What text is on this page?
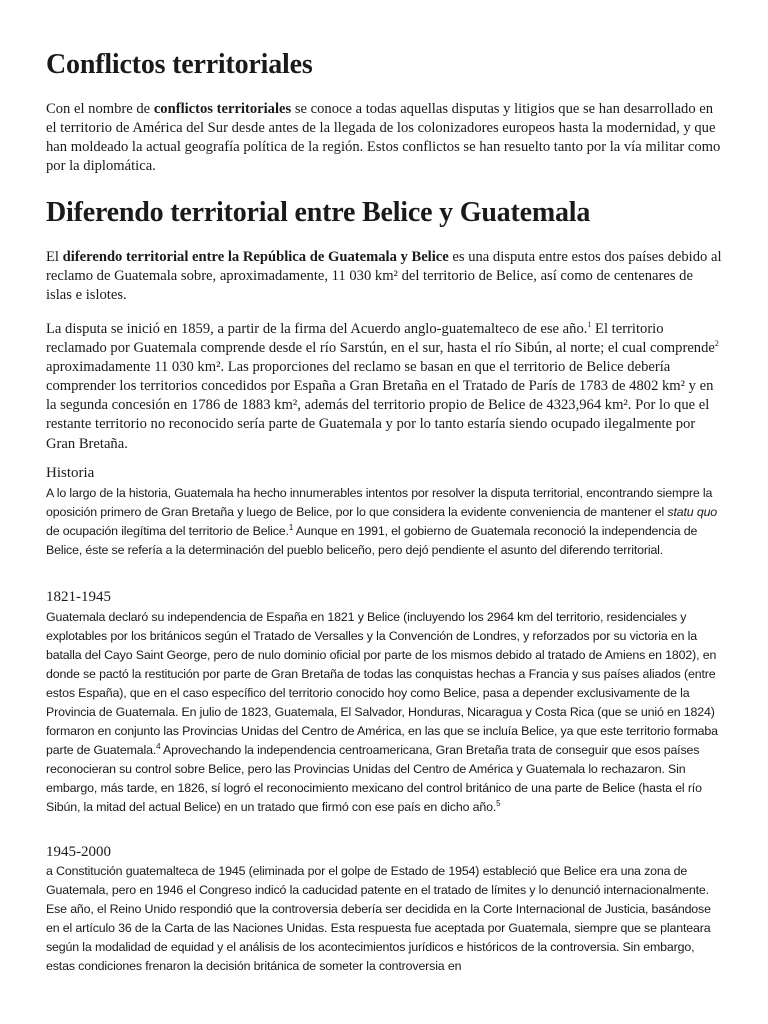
Conflictos territoriales

Con el nombre de conflictos territoriales se conoce a todas aquellas disputas y litigios que se han desarrollado en el territorio de América del Sur desde antes de la llegada de los colonizadores europeos hasta la modernidad, y que han moldeado la actual geografía política de la región. Estos conflictos se han resuelto tanto por la vía militar como por la diplomática.

Diferendo territorial entre Belice y Guatemala

El diferendo territorial entre la República de Guatemala y Belice es una disputa entre estos dos países debido al reclamo de Guatemala sobre, aproximadamente, 11 030 km² del territorio de Belice, así como de centenares de islas e islotes.

La disputa se inició en 1859, a partir de la firma del Acuerdo anglo-guatemalteco de ese año.$^1$ El territorio reclamado por Guatemala comprende desde el río Sarstún, en el sur, hasta el río Sibún, al norte; el cual comprende$^2$ aproximadamente 11 030 km². Las proporciones del reclamo se basan en que el territorio de Belice debería comprender los territorios concedidos por España a Gran Bretaña en el Tratado de París de 1783 de 4802 km² y en la segunda concesión en 1786 de 1883 km², además del territorio propio de Belice de 4323,964 km². Por lo que el restante territorio no reconocido sería parte de Guatemala y por lo tanto estaría siendo ocupado ilegalmente por Gran Bretaña.

Historia

A lo largo de la historia, Guatemala ha hecho innumerables intentos por resolver la disputa territorial, encontrando siempre la oposición primero de Gran Bretaña y luego de Belice, por lo que considera la evidente conveniencia de mantener el statu quo de ocupación ilegítima del territorio de Belice.$^1$ Aunque en 1991, el gobierno de Guatemala reconoció la independencia de Belice, éste se refería a la determinación del pueblo beliceño, pero dejó pendiente el asunto del diferendo territorial.

1821-1945

Guatemala declaró su independencia de España en 1821 y Belice (incluyendo los 2964 km del territorio, residenciales y explotables por los británicos según el Tratado de Versalles y la Convención de Londres, y reforzados por su victoria en la batalla del Cayo Saint George, pero de nulo dominio oficial por parte de los mismos debido al tratado de Amiens en 1802), en donde se pactó la restitución por parte de Gran Bretaña de todas las conquistas hechas a Francia y sus países aliados (entre estos España), que en el caso específico del territorio conocido hoy como Belice, pasa a depender exclusivamente de la Provincia de Guatemala. En julio de 1823, Guatemala, El Salvador, Honduras, Nicaragua y Costa Rica (que se unió en 1824) formaron en conjunto las Provincias Unidas del Centro de América, en las que se incluía Belice, ya que este territorio formaba parte de Guatemala.$^4$ Aprovechando la independencia centroamericana, Gran Bretaña trata de conseguir que esos países reconocieran su control sobre Belice, pero las Provincias Unidas del Centro de América y Guatemala lo rechazaron. Sin embargo, más tarde, en 1826, sí logró el reconocimiento mexicano del control británico de una parte de Belice (hasta el río Sibún, la mitad del actual Belice) en un tratado que firmó con ese país en dicho año.$^5$

1945-2000

a Constitución guatemalteca de 1945 (eliminada por el golpe de Estado de 1954) estableció que Belice era una zona de Guatemala, pero en 1946 el Congreso indicó la caducidad patente en el tratado de límites y lo denunció internacionalmente. Ese año, el Reino Unido respondió que la controversia debería ser decidida en la Corte Internacional de Justicia, basándose en el artículo 36 de la Carta de las Naciones Unidas. Esta respuesta fue aceptada por Guatemala, siempre que se planteara según la modalidad de equidad y el análisis de los acontecimientos jurídicos e históricos de la controversia. Sin embargo, estas condiciones frenaron la decisión británica de someter la controversia en
